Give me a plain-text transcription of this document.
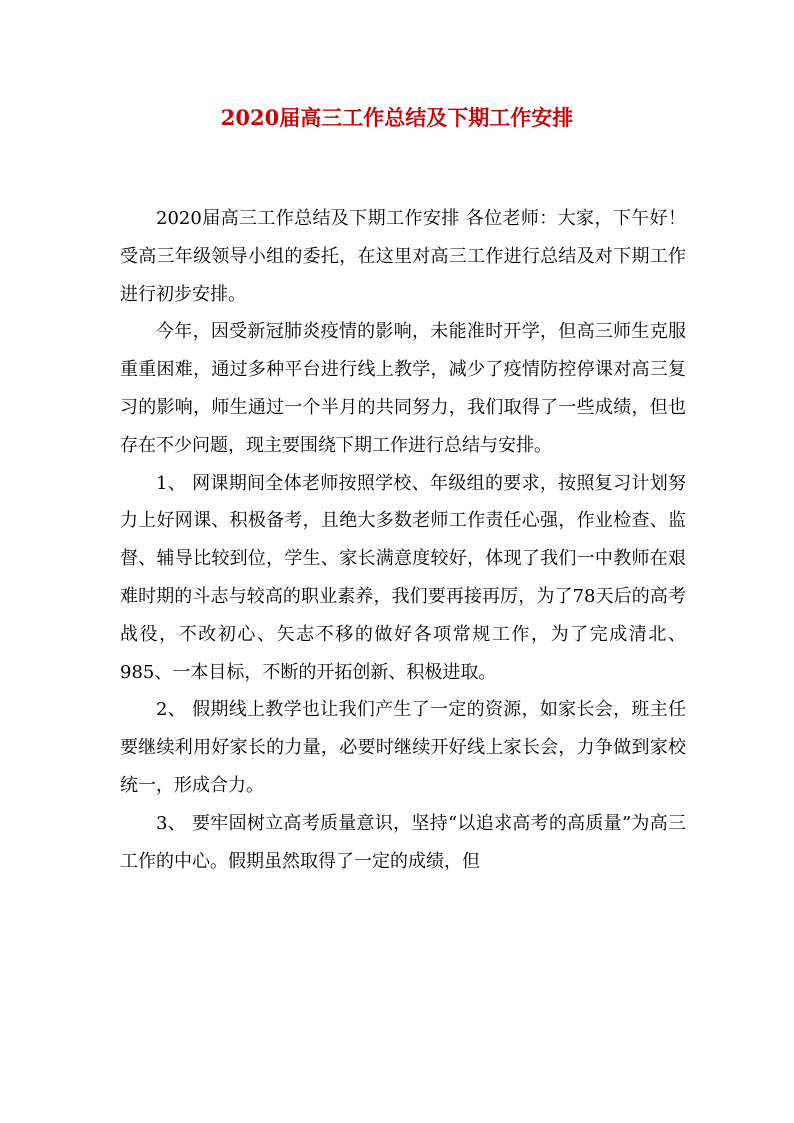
2020届高三工作总结及下期工作安排

2020届高三工作总结及下期工作安排 各位老师：大家，下午好！受高三年级领导小组的委托，在这里对高三工作进行总结及对下期工作进行初步安排。

今年，因受新冠肺炎疫情的影响，未能准时开学，但高三师生克服重重困难，通过多种平台进行线上教学，减少了疫情防控停课对高三复习的影响，师生通过一个半月的共同努力，我们取得了一些成绩，但也存在不少问题，现主要围绕下期工作进行总结与安排。

1、 网课期间全体老师按照学校、年级组的要求，按照复习计划努力上好网课、积极备考，且绝大多数老师工作责任心强，作业检查、监督、辅导比较到位，学生、家长满意度较好，体现了我们一中教师在艰难时期的斗志与较高的职业素养，我们要再接再厉，为了78天后的高考战役，不改初心、矢志不移的做好各项常规工作，为了完成清北、985、一本目标，不断的开拓创新、积极进取。

2、 假期线上教学也让我们产生了一定的资源，如家长会，班主任要继续利用好家长的力量，必要时继续开好线上家长会，力争做到家校统一，形成合力。

3、 要牢固树立高考质量意识，坚持“以追求高考的高质量”为高三工作的中心。假期虽然取得了一定的成绩，但
